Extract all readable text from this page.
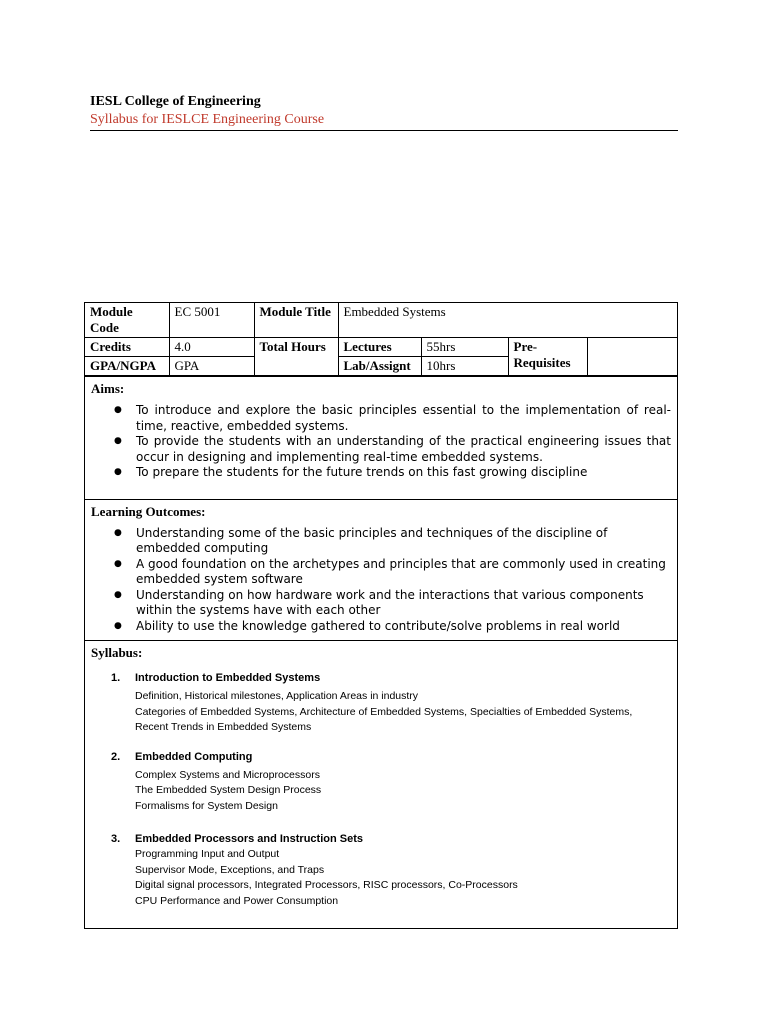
IESL College of Engineering
Syllabus for IESLCE Engineering Course
Module Code	EC 5001	Module Title	Embedded Systems			
Credits	4.0	Total Hours	Lectures	55hrs	Pre-Requisites	
GPA/NGPA	GPA		Lab/Assignt	10hrs		
Aims:
● To introduce and explore the basic principles essential to the implementation of real-time, reactive, embedded systems.
● To provide the students with an understanding of the practical engineering issues that occur in designing and implementing real-time embedded systems.
● To prepare the students for the future trends on this fast growing discipline
Learning Outcomes:
● Understanding some of the basic principles and techniques of the discipline of embedded computing
● A good foundation on the archetypes and principles that are commonly used in creating
embedded system software
● Understanding on how hardware work and the interactions that various components within the systems have with each other
● Ability to use the knowledge gathered to contribute/solve problems in real world
Syllabus:
1.	Introduction to Embedded Systems
Definition, Historical milestones, Application Areas in industry
Categories of Embedded Systems, Architecture of Embedded Systems, Specialties of Embedded Systems,
Recent Trends in Embedded Systems
2.	Embedded Computing
Complex Systems and Microprocessors
The Embedded System Design Process
Formalisms for System Design
3.	Embedded Processors and Instruction Sets
Programming Input and Output
Supervisor Mode, Exceptions, and Traps
Digital signal processors, Integrated Processors, RISC processors, Co-Processors
CPU Performance and Power Consumption
